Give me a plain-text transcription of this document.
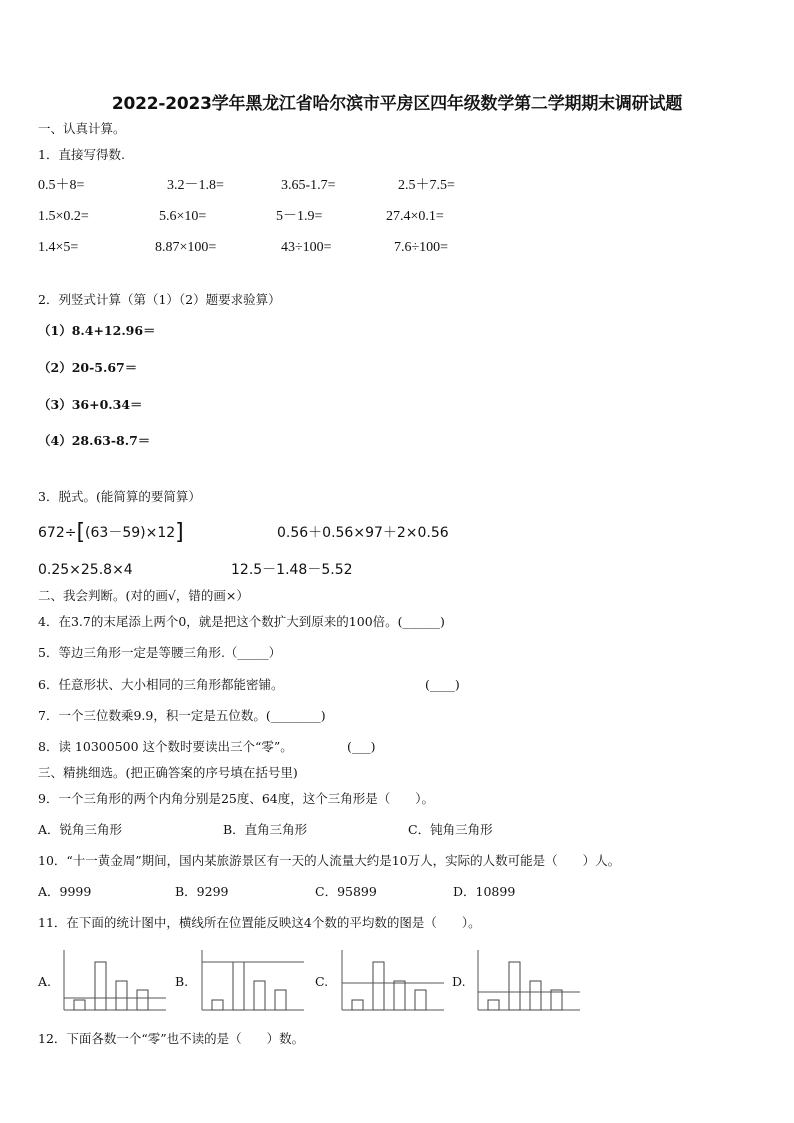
2022-2023学年黑龙江省哈尔滨市平房区四年级数学第二学期期末调研试题
一、认真计算。
1．直接写得数.
0.5＋8=	3.2－1.8=	3.65-1.7=	2.5＋7.5=
1.5×0.2=	5.6×10=	5－1.9=	27.4×0.1=
1.4×5=	8.87×100=	43÷100=	7.6÷100=
2．列竖式计算（第（1）（2）题要求验算）
（1）8.4+12.96＝
（2）20-5.67＝
（3）36+0.34＝
（4）28.63-8.7＝
3．脱式。(能简算的要简算）
672÷[(63－59)×12]	0.56＋0.56×97＋2×0.56
0.25×25.8×4	12.5－1.48－5.52
二、我会判断。(对的画√，错的画×）
4．在3.7的末尾添上两个0，就是把这个数扩大到原来的100倍。(______)
5．等边三角形一定是等腰三角形.（_____）
6．任意形状、大小相同的三角形都能密铺。	(____)
7．一个三位数乘9.9，积一定是五位数。(________)
8．读 10300500 这个数时要读出三个“零”。	(___)
三、精挑细选。(把正确答案的序号填在括号里)
9．一个三角形的两个内角分别是25度、64度，这个三角形是（　　）。
A．锐角三角形	B．直角三角形	C．钝角三角形
10．“十一黄金周”期间，国内某旅游景区有一天的人流量大约是10万人，实际的人数可能是（　　）人。
A．9999	B．9299	C．95899	D．10899
11．在下面的统计图中，横线所在位置能反映这4个数的平均数的图是（　　）。
A.	B.	C.	D.
12．下面各数一个“零”也不读的是（　　）数。
